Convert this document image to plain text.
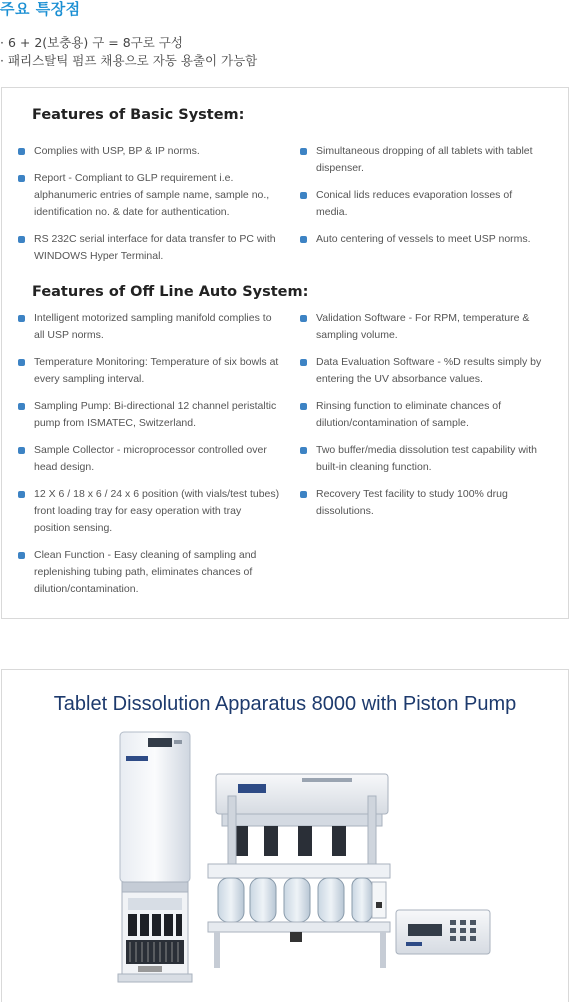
주요 특장점
· 6 + 2(보충용) 구 = 8구로 구성
· 패리스탈틱 펌프 채용으로 자동 용출이 가능함
Features of Basic System:
Complies with USP, BP & IP norms.
Report - Compliant to GLP requirement i.e. alphanumeric entries of sample name, sample no., identification no. & date for authentication.
RS 232C serial interface for data transfer to PC with WINDOWS Hyper Terminal.
Simultaneous dropping of all tablets with tablet dispenser.
Conical lids reduces evaporation losses of media.
Auto centering of vessels to meet USP norms.
Features of Off Line Auto System:
Intelligent motorized sampling manifold complies to all USP norms.
Temperature Monitoring: Temperature of six bowls at every sampling interval.
Sampling Pump: Bi-directional 12 channel peristaltic pump from ISMATEC, Switzerland.
Sample Collector - microprocessor controlled over head design.
12 X 6 / 18 x 6 / 24 x 6 position (with vials/test tubes) front loading tray for easy operation with tray position sensing.
Clean Function - Easy cleaning of sampling and replenishing tubing path, eliminates chances of dilution/contamination.
Validation Software - For RPM, temperature & sampling volume.
Data Evaluation Software - %D results simply by entering the UV absorbance values.
Rinsing function to eliminate chances of dilution/contamination of sample.
Two buffer/media dissolution test capability with built-in cleaning function.
Recovery Test facility to study 100% drug dissolutions.
Tablet Dissolution Apparatus 8000 with Piston Pump
